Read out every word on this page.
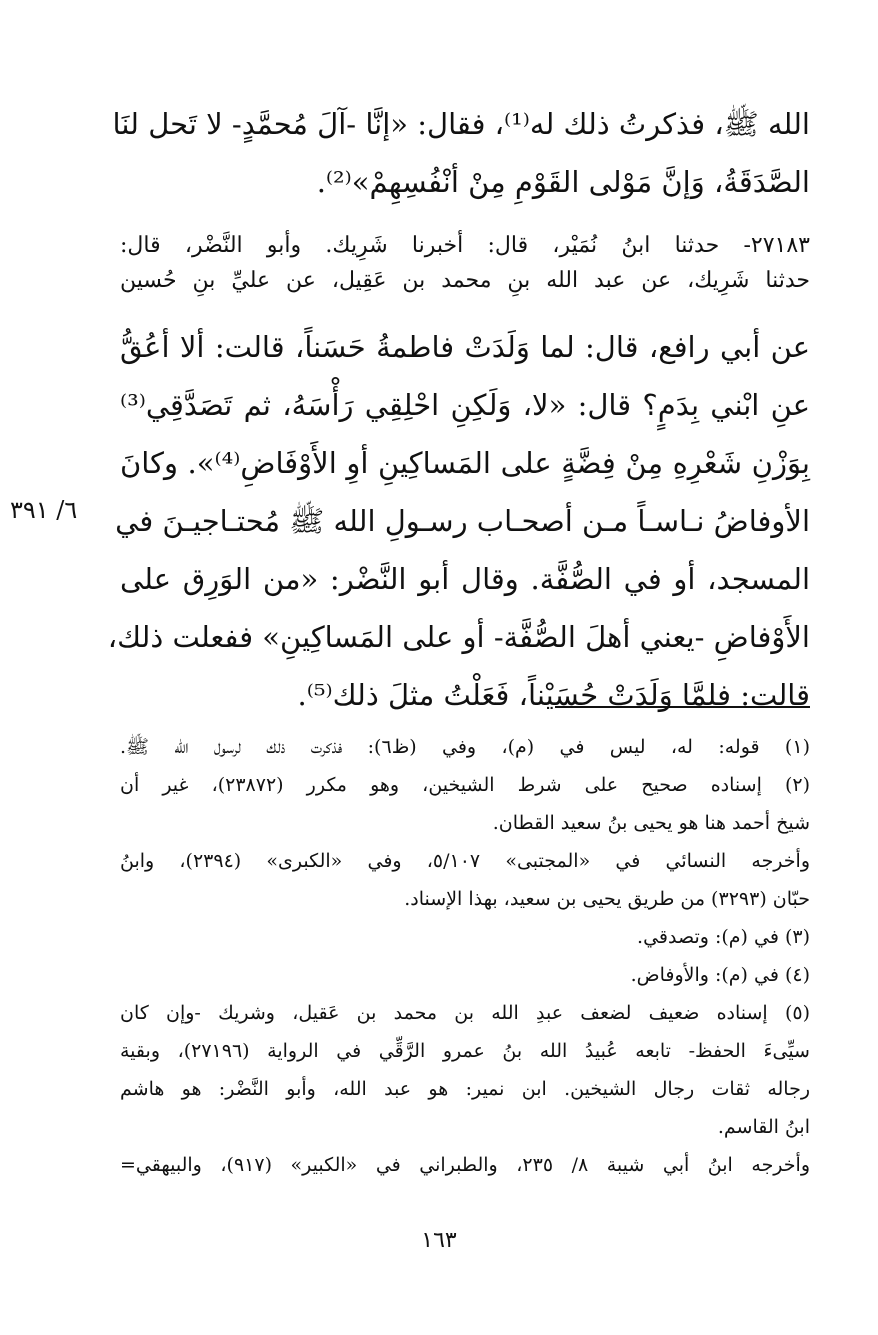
الله ﷺ، فذكرتُ ذلك له⁽¹⁾، فقال: «إنَّا -آلَ مُحمَّدٍ- لا تَحل لنَا
الصَّدَقَةُ، وَإنَّ مَوْلى القَوْمِ مِنْ أنْفُسِهِمْ»⁽²⁾.
٢٧١٨٣- حدثنا ابنُ نُمَيْر، قال: أخبرنا شَرِيك. وأبو النَّضْر، قال:
حدثنا شَرِيك، عن عبد الله بنِ محمد بن عَقِيل، عن عليِّ بنِ حُسين
عن أبي رافع، قال: لما وَلَدَتْ فاطمةُ حَسَناً، قالت: ألا أعُقُّ
عنِ ابْني بِدَمٍ؟ قال: «لا، وَلَكِنِ احْلِقِي رَأْسَهُ، ثم تَصَدَّقِي⁽³⁾
بِوَزْنِ شَعْرِهِ مِنْ فِضَّةٍ على المَساكِينِ أوِ الأَوْفَاضِ⁽⁴⁾». وكانَ
الأوفاضُ نـاسـاً مـن أصحـاب رسـولِ الله ﷺ مُحتـاجيـنَ في
المسجد، أو في الصُّفَّة. وقال أبو النَّضْر: «من الوَرِق على
الأَوْفاضِ -يعني أهلَ الصُّفَّة- أو على المَساكِينِ» ففعلت ذلك،
قالت: فلمَّا وَلَدَتْ حُسَيْناً، فَعَلْتُ مثلَ ذلك⁽⁵⁾.
٦/ ٣٩١
(١) قوله: له، ليس في (م)، وفي (ظ٦): فذكرت ذلك لرسول الله ﷺ.
(٢) إسناده صحيح على شرط الشيخين، وهو مكرر (٢٣٨٧٢)، غير أن
شيخ أحمد هنا هو يحيى بنُ سعيد القطان.
وأخرجه النسائي في «المجتبى» ٥/١٠٧، وفي «الكبرى» (٢٣٩٤)، وابنُ
حبّان (٣٢٩٣) من طريق يحيى بن سعيد، بهذا الإسناد.
(٣) في (م): وتصدقي.
(٤) في (م): والأوفاض.
(٥) إسناده ضعيف لضعف عبدِ الله بن محمد بن عَقيل، وشريك -وإن كان
سيِّىءَ الحفظ- تابعه عُبيدُ الله بنُ عمرو الرَّقِّي في الرواية (٢٧١٩٦)، وبقية
رجاله ثقات رجال الشيخين. ابن نمير: هو عبد الله، وأبو النَّضْر: هو هاشم
ابنُ القاسم.
وأخرجه ابنُ أبي شيبة ٨/ ٢٣٥، والطبراني في «الكبير» (٩١٧)، والبيهقي=
١٦٣
